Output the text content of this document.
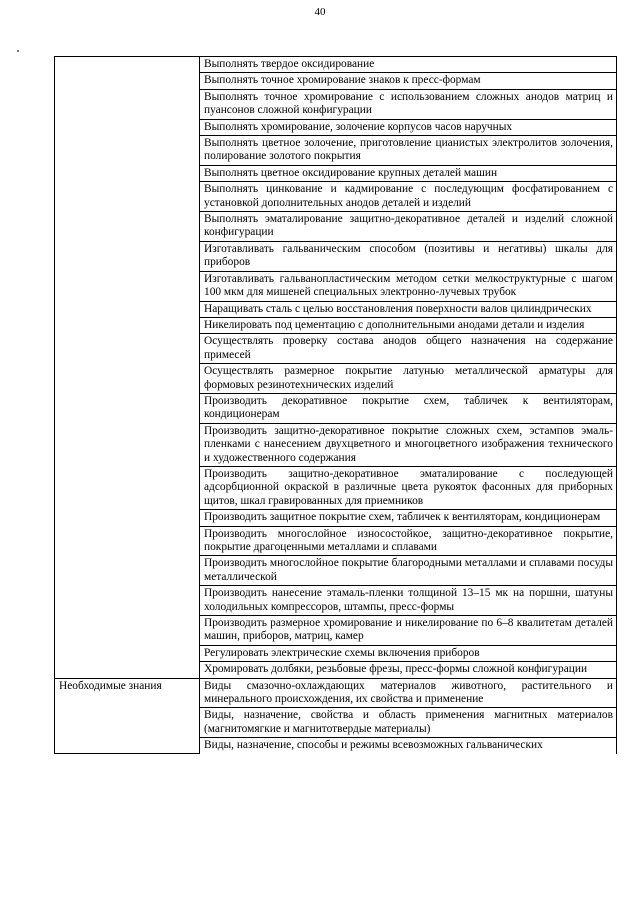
40
	Выполнять твердое оксидирование
	Выполнять точное хромирование знаков к пресс-формам
	Выполнять точное хромирование с использованием сложных анодов матриц и пуансонов сложной конфигурации
	Выполнять хромирование, золочение корпусов часов наручных
	Выполнять цветное золочение, приготовление цианистых электролитов золочения, полирование золотого покрытия
	Выполнять цветное оксидирование крупных деталей машин
	Выполнять цинкование и кадмирование с последующим фосфатированием с установкой дополнительных анодов деталей и изделий
	Выполнять эматалирование защитно-декоративное деталей и изделий сложной конфигурации
	Изготавливать гальваническим способом (позитивы и негативы) шкалы для приборов
	Изготавливать гальванопластическим методом сетки мелкоструктурные с шагом 100 мкм для мишеней специальных электронно-лучевых трубок
	Наращивать сталь с целью восстановления поверхности валов цилиндрических
	Никелировать под цементацию с дополнительными анодами детали и изделия
	Осуществлять проверку состава анодов общего назначения на содержание примесей
	Осуществлять размерное покрытие латунью металлической арматуры для формовых резинотехнических изделий
	Производить декоративное покрытие схем, табличек к вентиляторам, кондиционерам
	Производить защитно-декоративное покрытие сложных схем, эстампов эмаль-пленками с нанесением двухцветного и многоцветного изображения технического и художественного содержания
	Производить защитно-декоративное эматалирование с последующей адсорбционной окраской в различные цвета рукояток фасонных для приборных щитов, шкал гравированных для приемников
	Производить защитное покрытие схем, табличек к вентиляторам, кондиционерам
	Производить многослойное износостойкое, защитно-декоративное покрытие, покрытие драгоценными металлами и сплавами
	Производить многослойное покрытие благородными металлами и сплавами посуды металлической
	Производить нанесение этамаль-пленки толщиной 13–15 мк на поршни, шатуны холодильных компрессоров, штампы, пресс-формы
	Производить размерное хромирование и никелирование по 6–8 квалитетам деталей машин, приборов, матриц, камер
	Регулировать электрические схемы включения приборов
	Хромировать долбяки, резьбовые фрезы, пресс-формы сложной конфигурации
Необходимые знания	Виды смазочно-охлаждающих материалов животного, растительного и минерального происхождения, их свойства и применение
	Виды, назначение, свойства и область применения магнитных материалов (магнитомягкие и магнитотвердые материалы)
	Виды, назначение, способы и режимы всевозможных гальванических
